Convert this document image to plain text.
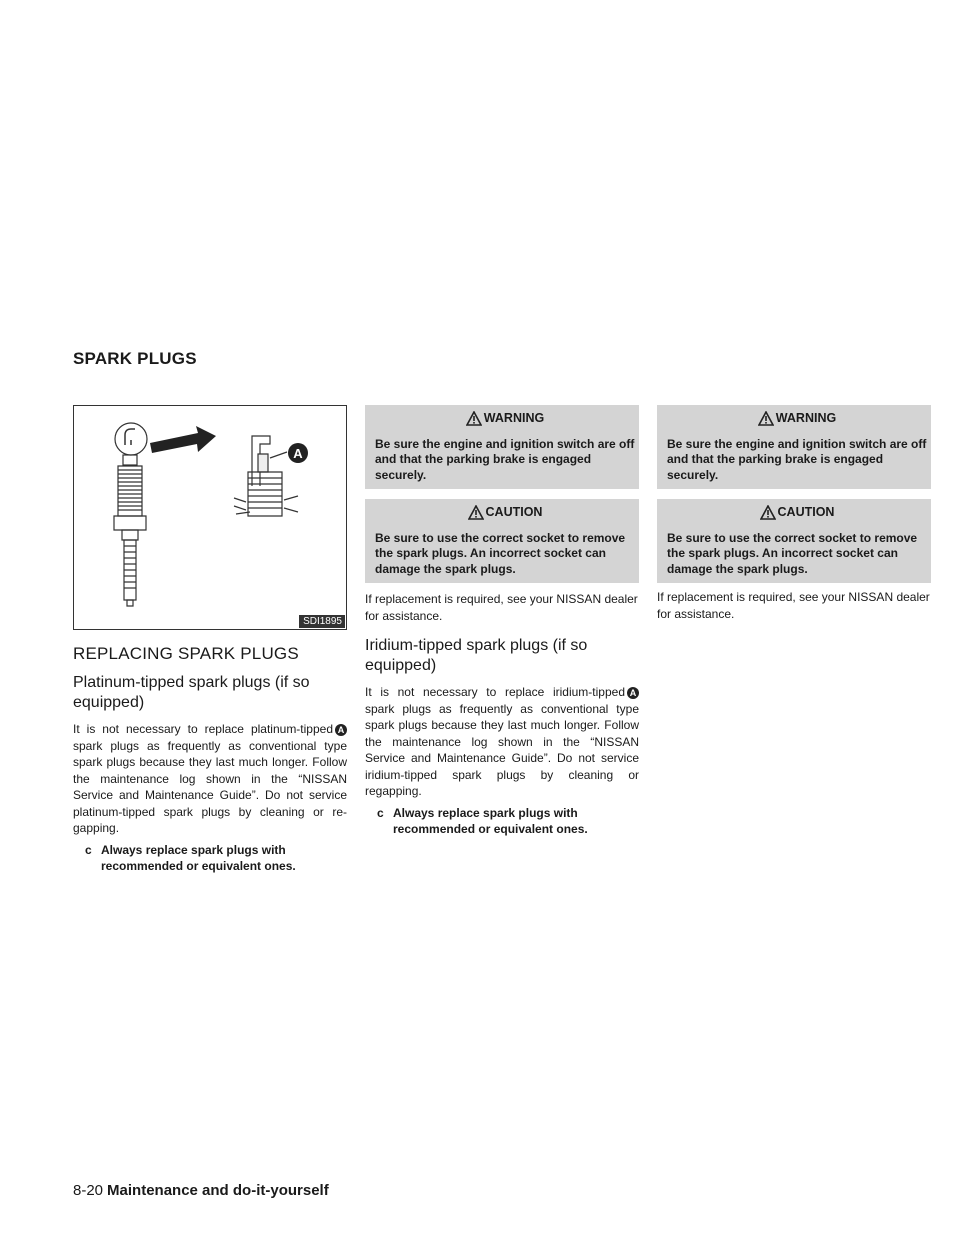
SPARK PLUGS
A
SDI1895
REPLACING SPARK PLUGS
Platinum-tipped spark plugs (if so equipped)

It is not necessary to replace platinum-tipped A spark plugs as frequently as conventional type spark plugs because they last much longer. Follow the maintenance log shown in the “NISSAN Service and Maintenance Guide”. Do not service platinum-tipped spark plugs by cleaning or re-gapping.

c Always replace spark plugs with recommended or equivalent ones.
WARNING
Be sure the engine and ignition switch are off and that the parking brake is engaged securely.
CAUTION
Be sure to use the correct socket to remove the spark plugs. An incorrect socket can damage the spark plugs.

If replacement is required, see your NISSAN dealer for assistance.

Iridium-tipped spark plugs (if so equipped)

It is not necessary to replace iridium-tipped A spark plugs as frequently as conventional type spark plugs because they last much longer. Follow the maintenance log shown in the “NISSAN Service and Maintenance Guide”. Do not service iridium-tipped spark plugs by cleaning or regapping.

c Always replace spark plugs with recommended or equivalent ones.
WARNING
Be sure the engine and ignition switch are off and that the parking brake is engaged securely.
CAUTION
Be sure to use the correct socket to remove the spark plugs. An incorrect socket can damage the spark plugs.

If replacement is required, see your NISSAN dealer for assistance.

8-20 Maintenance and do-it-yourself
